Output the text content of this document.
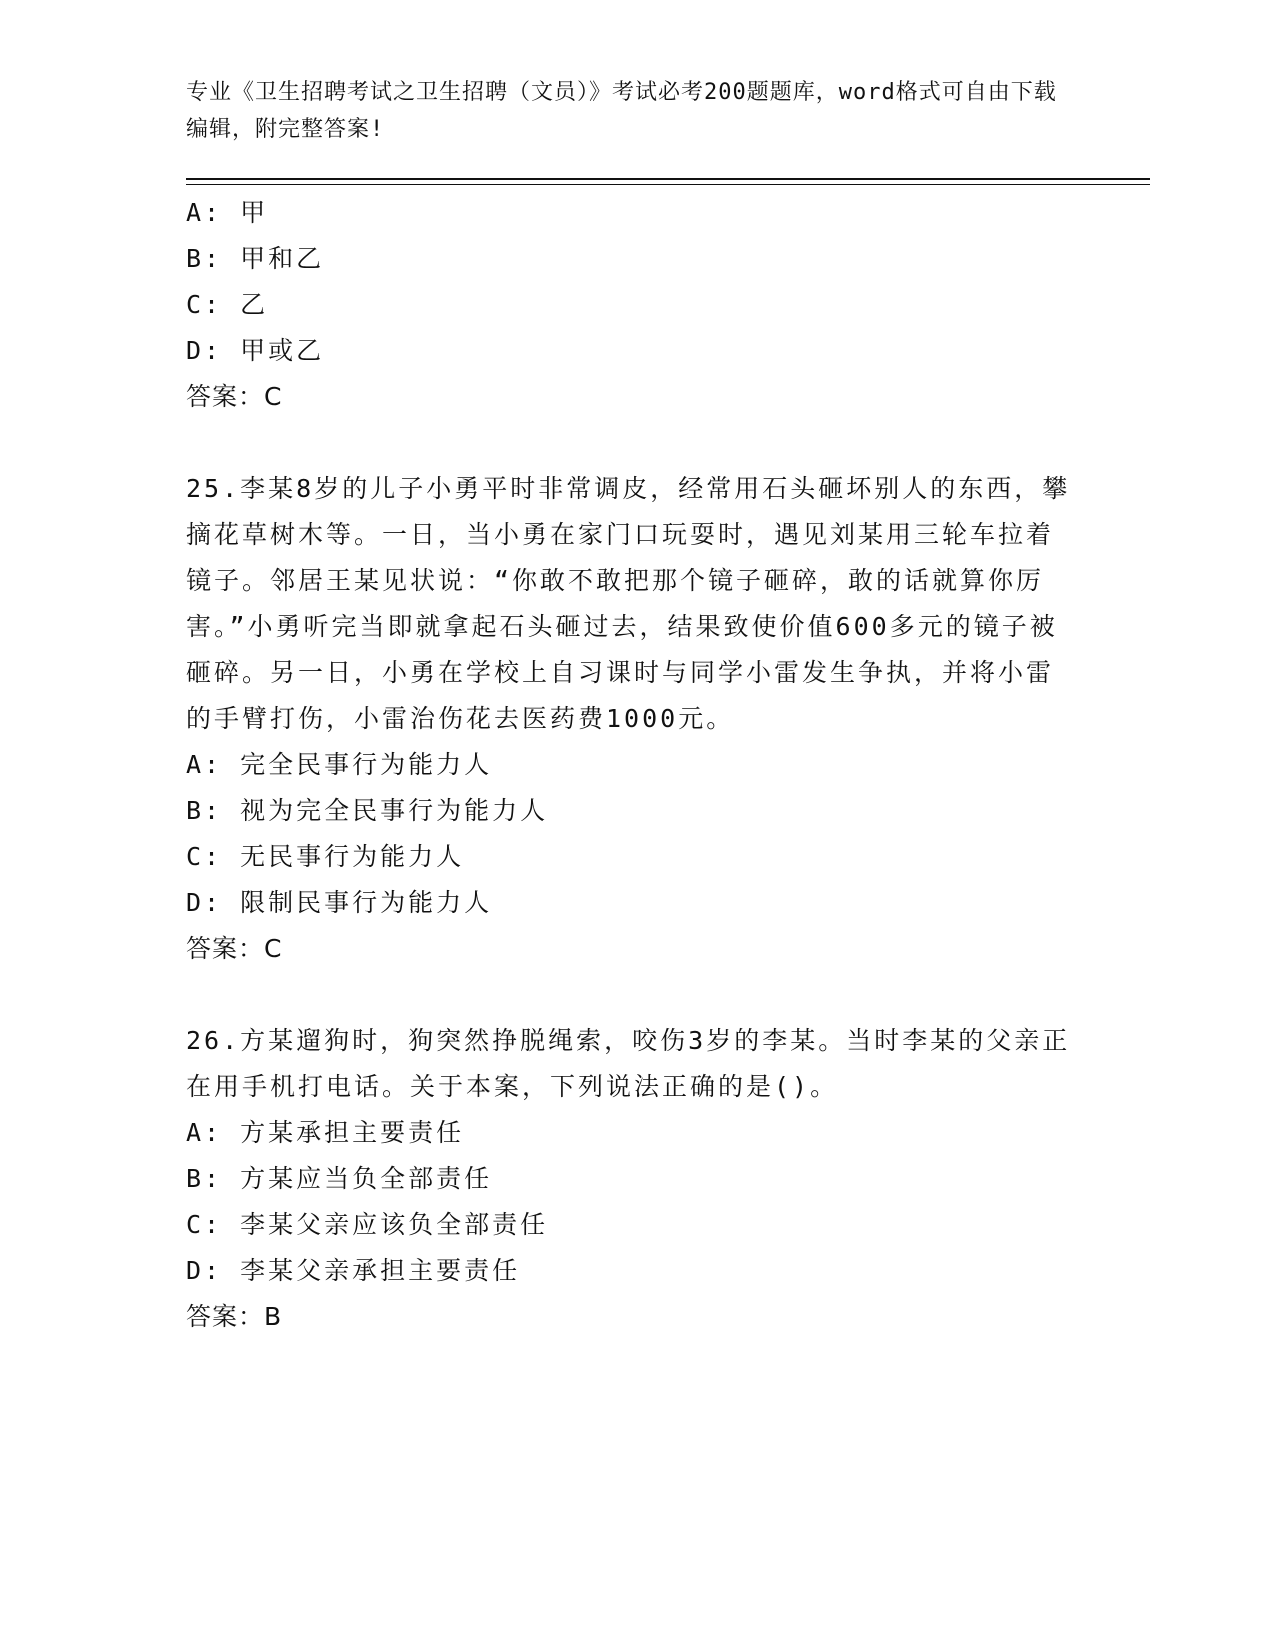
专业《卫生招聘考试之卫生招聘（文员）》考试必考200题题库，word格式可自由下载编辑，附完整答案!
A: 甲
B: 甲和乙
C: 乙
D: 甲或乙
答案：C
25.李某8岁的儿子小勇平时非常调皮，经常用石头砸坏别人的东西，攀摘花草树木等。一日，当小勇在家门口玩耍时，遇见刘某用三轮车拉着镜子。邻居王某见状说：“你敢不敢把那个镜子砸碎，敢的话就算你厉害。”小勇听完当即就拿起石头砸过去，结果致使价值600多元的镜子被砸碎。另一日，小勇在学校上自习课时与同学小雷发生争执，并将小雷的手臂打伤，小雷治伤花去医药费1000元。
A: 完全民事行为能力人
B: 视为完全民事行为能力人
C: 无民事行为能力人
D: 限制民事行为能力人
答案：C
26.方某遛狗时，狗突然挣脱绳索，咬伤3岁的李某。当时李某的父亲正在用手机打电话。关于本案，下列说法正确的是()。
A: 方某承担主要责任
B: 方某应当负全部责任
C: 李某父亲应该负全部责任
D: 李某父亲承担主要责任
答案：B
